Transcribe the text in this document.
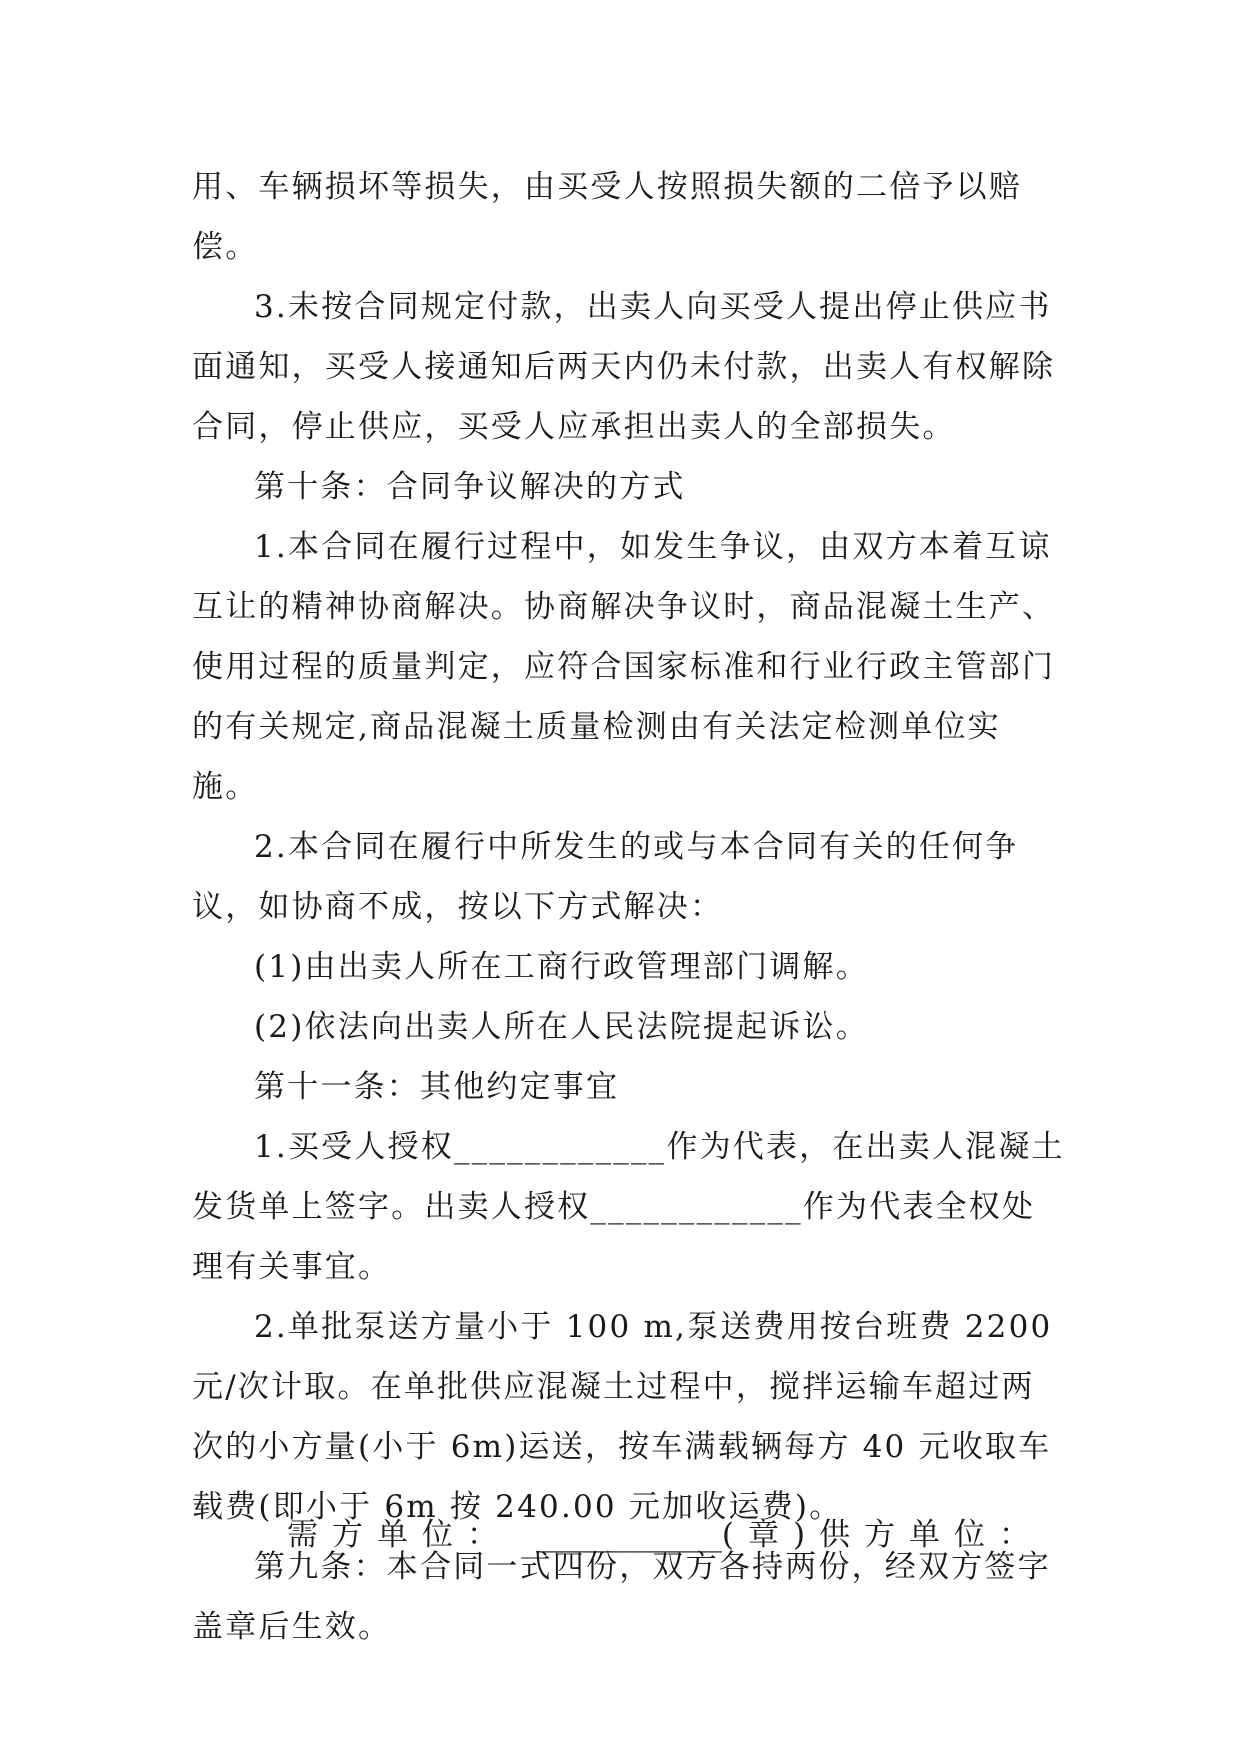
用、车辆损坏等损失，由买受人按照损失额的二倍予以赔偿。

3.未按合同规定付款，出卖人向买受人提出停止供应书面通知，买受人接通知后两天内仍未付款，出卖人有权解除合同，停止供应，买受人应承担出卖人的全部损失。

第十条：合同争议解决的方式

1.本合同在履行过程中，如发生争议，由双方本着互谅互让的精神协商解决。协商解决争议时，商品混凝土生产、使用过程的质量判定，应符合国家标准和行业行政主管部门的有关规定,商品混凝土质量检测由有关法定检测单位实施。

2.本合同在履行中所发生的或与本合同有关的任何争议，如协商不成，按以下方式解决：

(1)由出卖人所在工商行政管理部门调解。

(2)依法向出卖人所在人民法院提起诉讼。

第十一条：其他约定事宜

1.买受人授权____________作为代表，在出卖人混凝土发货单上签字。出卖人授权____________作为代表全权处理有关事宜。

2.单批泵送方量小于 100 m,泵送费用按台班费 2200 元/次计取。在单批供应混凝土过程中，搅拌运输车超过两次的小方量(小于 6m)运送，按车满载辆每方 40 元收取车载费(即小于 6m 按 240.00 元加收运费)。

第九条：本合同一式四份，双方各持两份，经双方签字盖章后生效。

需方单位： ____________(章)供方单位：
